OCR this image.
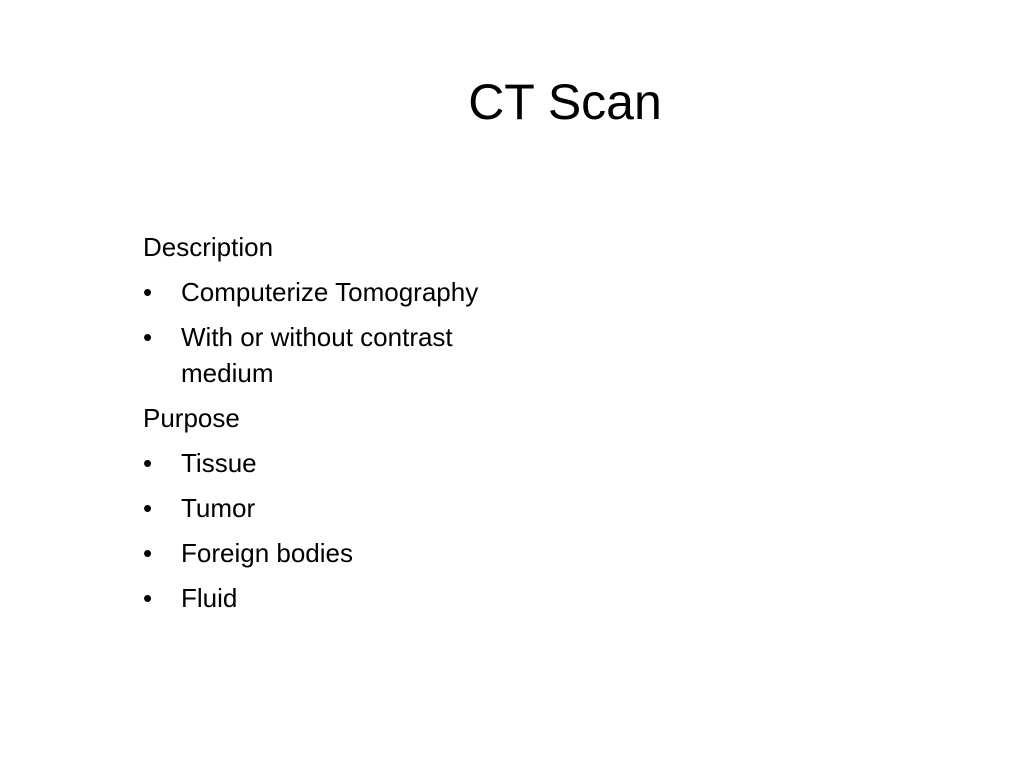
CT Scan

Description

•	Computerize Tomography
•	With or without contrast medium

Purpose

•	Tissue
•	Tumor
•	Foreign bodies
•	Fluid
